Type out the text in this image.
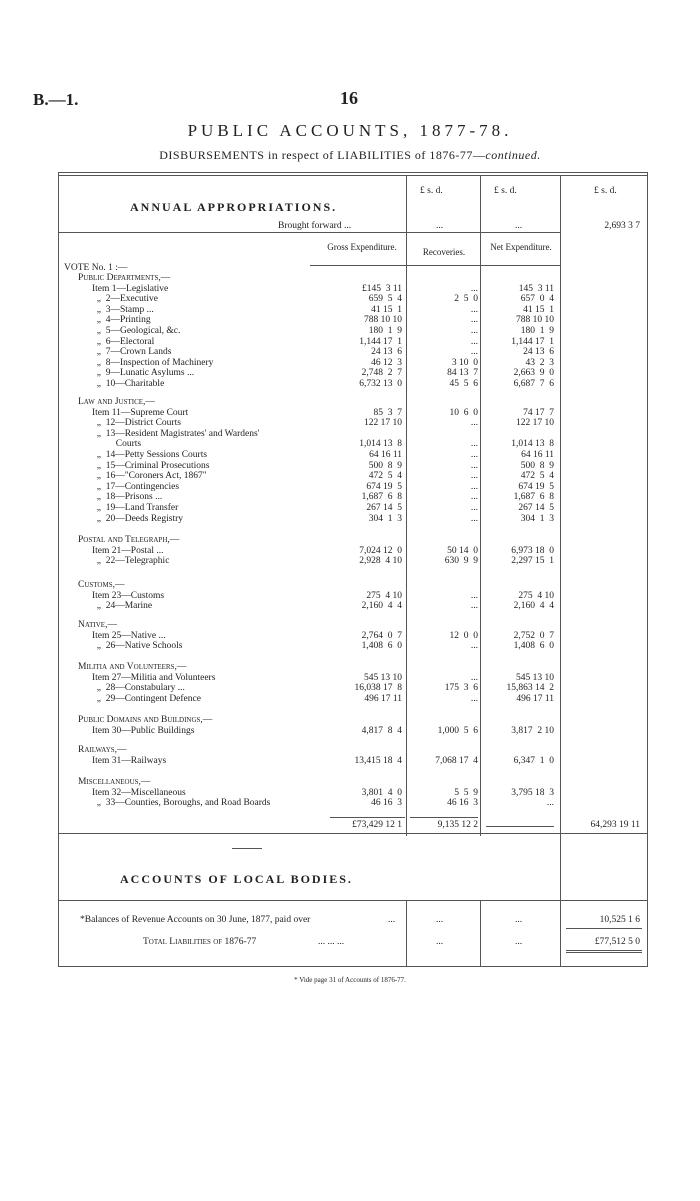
B.—1.	16
PUBLIC ACCOUNTS, 1877-78.
DISBURSEMENTS in respect of LIABILITIES of 1876-77—continued.
£ s. d.	£ s. d.	£ s. d.
ANNUAL APPROPRIATIONS.
Brought forward ...	...	...	2,693 3 7
Gross Expenditure.	Recoveries.	Net Expenditure.
VOTE No. 1 :—
Public Departments,—
Item 1—Legislative	£145  3 11	...	145  3 11
„  2—Executive	659  5  4	2  5  0	657  0  4
„  3—Stamp ...	41 15  1	...	41 15  1
„  4—Printing	788 10 10	...	788 10 10
„  5—Geological, &c.	180  1  9	...	180  1  9
„  6—Electoral	1,144 17  1	...	1,144 17  1
„  7—Crown Lands	24 13  6	...	24 13  6
„  8—Inspection of Machinery	46 12  3	3 10  0	43  2  3
„  9—Lunatic Asylums ...	2,748  2  7	84 13  7	2,663  9  0
„  10—Charitable	6,732 13  0	45  5  6	6,687  7  6
Law and Justice,—
Item 11—Supreme Court	85  3  7	10  6  0	74 17  7
„  12—District Courts	122 17 10	...	122 17 10
„  13—Resident Magistrates' and Wardens'
Courts	1,014 13  8	...	1,014 13  8
„  14—Petty Sessions Courts	64 16 11	...	64 16 11
„  15—Criminal Prosecutions	500  8  9	...	500  8  9
„  16—"Coroners Act, 1867"	472  5  4	...	472  5  4
„  17—Contingencies	674 19  5	...	674 19  5
„  18—Prisons ...	1,687  6  8	...	1,687  6  8
„  19—Land Transfer	267 14  5	...	267 14  5
„  20—Deeds Registry	304  1  3	...	304  1  3
Postal and Telegraph,—
Item 21—Postal ...	7,024 12  0	50 14  0	6,973 18  0
„  22—Telegraphic	2,928  4 10	630  9  9	2,297 15  1
Customs,—
Item 23—Customs	275  4 10	...	275  4 10
„  24—Marine	2,160  4  4	...	2,160  4  4
Native,—
Item 25—Native ...	2,764  0  7	12  0  0	2,752  0  7
„  26—Native Schools	1,408  6  0	...	1,408  6  0
Militia and Volunteers,—
Item 27—Militia and Volunteers	545 13 10	...	545 13 10
„  28—Constabulary ...	16,038 17  8	175  3  6	15,863 14  2
„  29—Contingent Defence	496 17 11	...	496 17 11
Public Domains and Buildings,—
Item 30—Public Buildings	4,817  8  4	1,000  5  6	3,817  2 10
Railways,—
Item 31—Railways	13,415 18  4	7,068 17  4	6,347  1  0
Miscellaneous,—
Item 32—Miscellaneous	3,801  4  0	5  5  9	3,795 18  3
„  33—Counties, Boroughs, and Road Boards	46 16  3	46 16  3	...
£73,429 12 1	9,135 12 2	64,293 19 11
ACCOUNTS OF LOCAL BODIES.
*Balances of Revenue Accounts on 30 June, 1877, paid over	...	...	...	10,525 1 6
Total Liabilities of 1876-77	... ... ...	...	...	£77,512 5 0
* Vide page 31 of Accounts of 1876-77.
